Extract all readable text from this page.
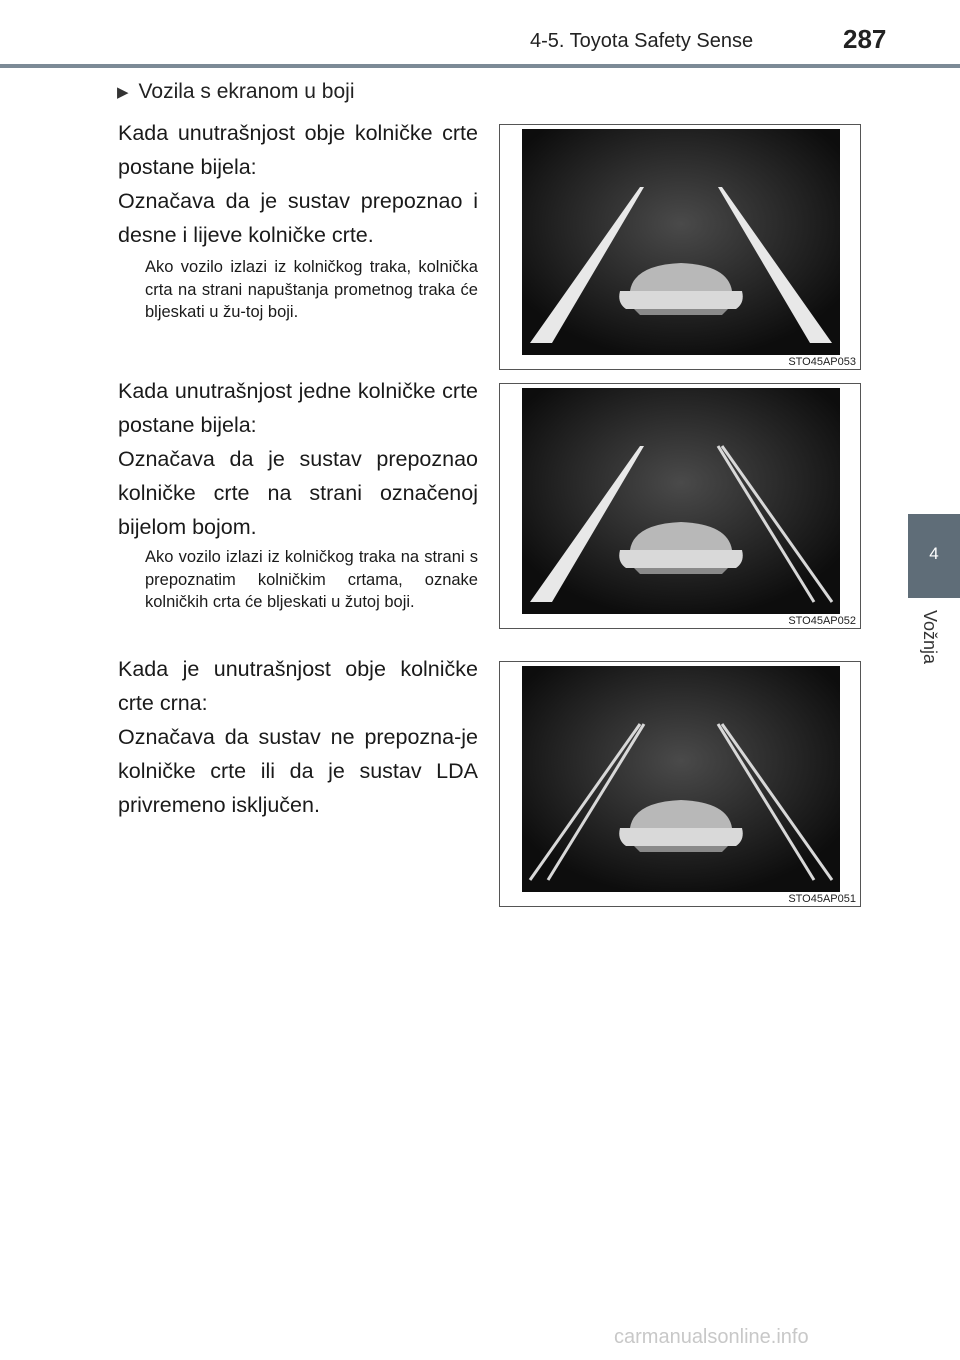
4-5. Toyota Safety Sense	287
4
Vožnja
▶ Vozila s ekranom u boji
Kada unutrašnjost obje kolničke crte postane bijela:
Označava da je sustav prepoznao i desne i lijeve kolničke crte.
Ako vozilo izlazi iz kolničkog traka, kolnička crta na strani napuštanja prometnog traka će bljeskati u žu-toj boji.
Kada unutrašnjost jedne kolničke crte postane bijela:
Označava da je sustav prepoznao kolničke crte na strani označenoj bijelom bojom.
Ako vozilo izlazi iz kolničkog traka na strani s prepoznatim kolničkim crtama, oznake kolničkih crta će bljeskati u žutoj boji.
Kada je unutrašnjost obje kolničke crte crna:
Označava da sustav ne prepozna-je kolničke crte ili da je sustav LDA privremeno isključen.
STO45AP053
STO45AP052
STO45AP051
carmanualsonline.info
